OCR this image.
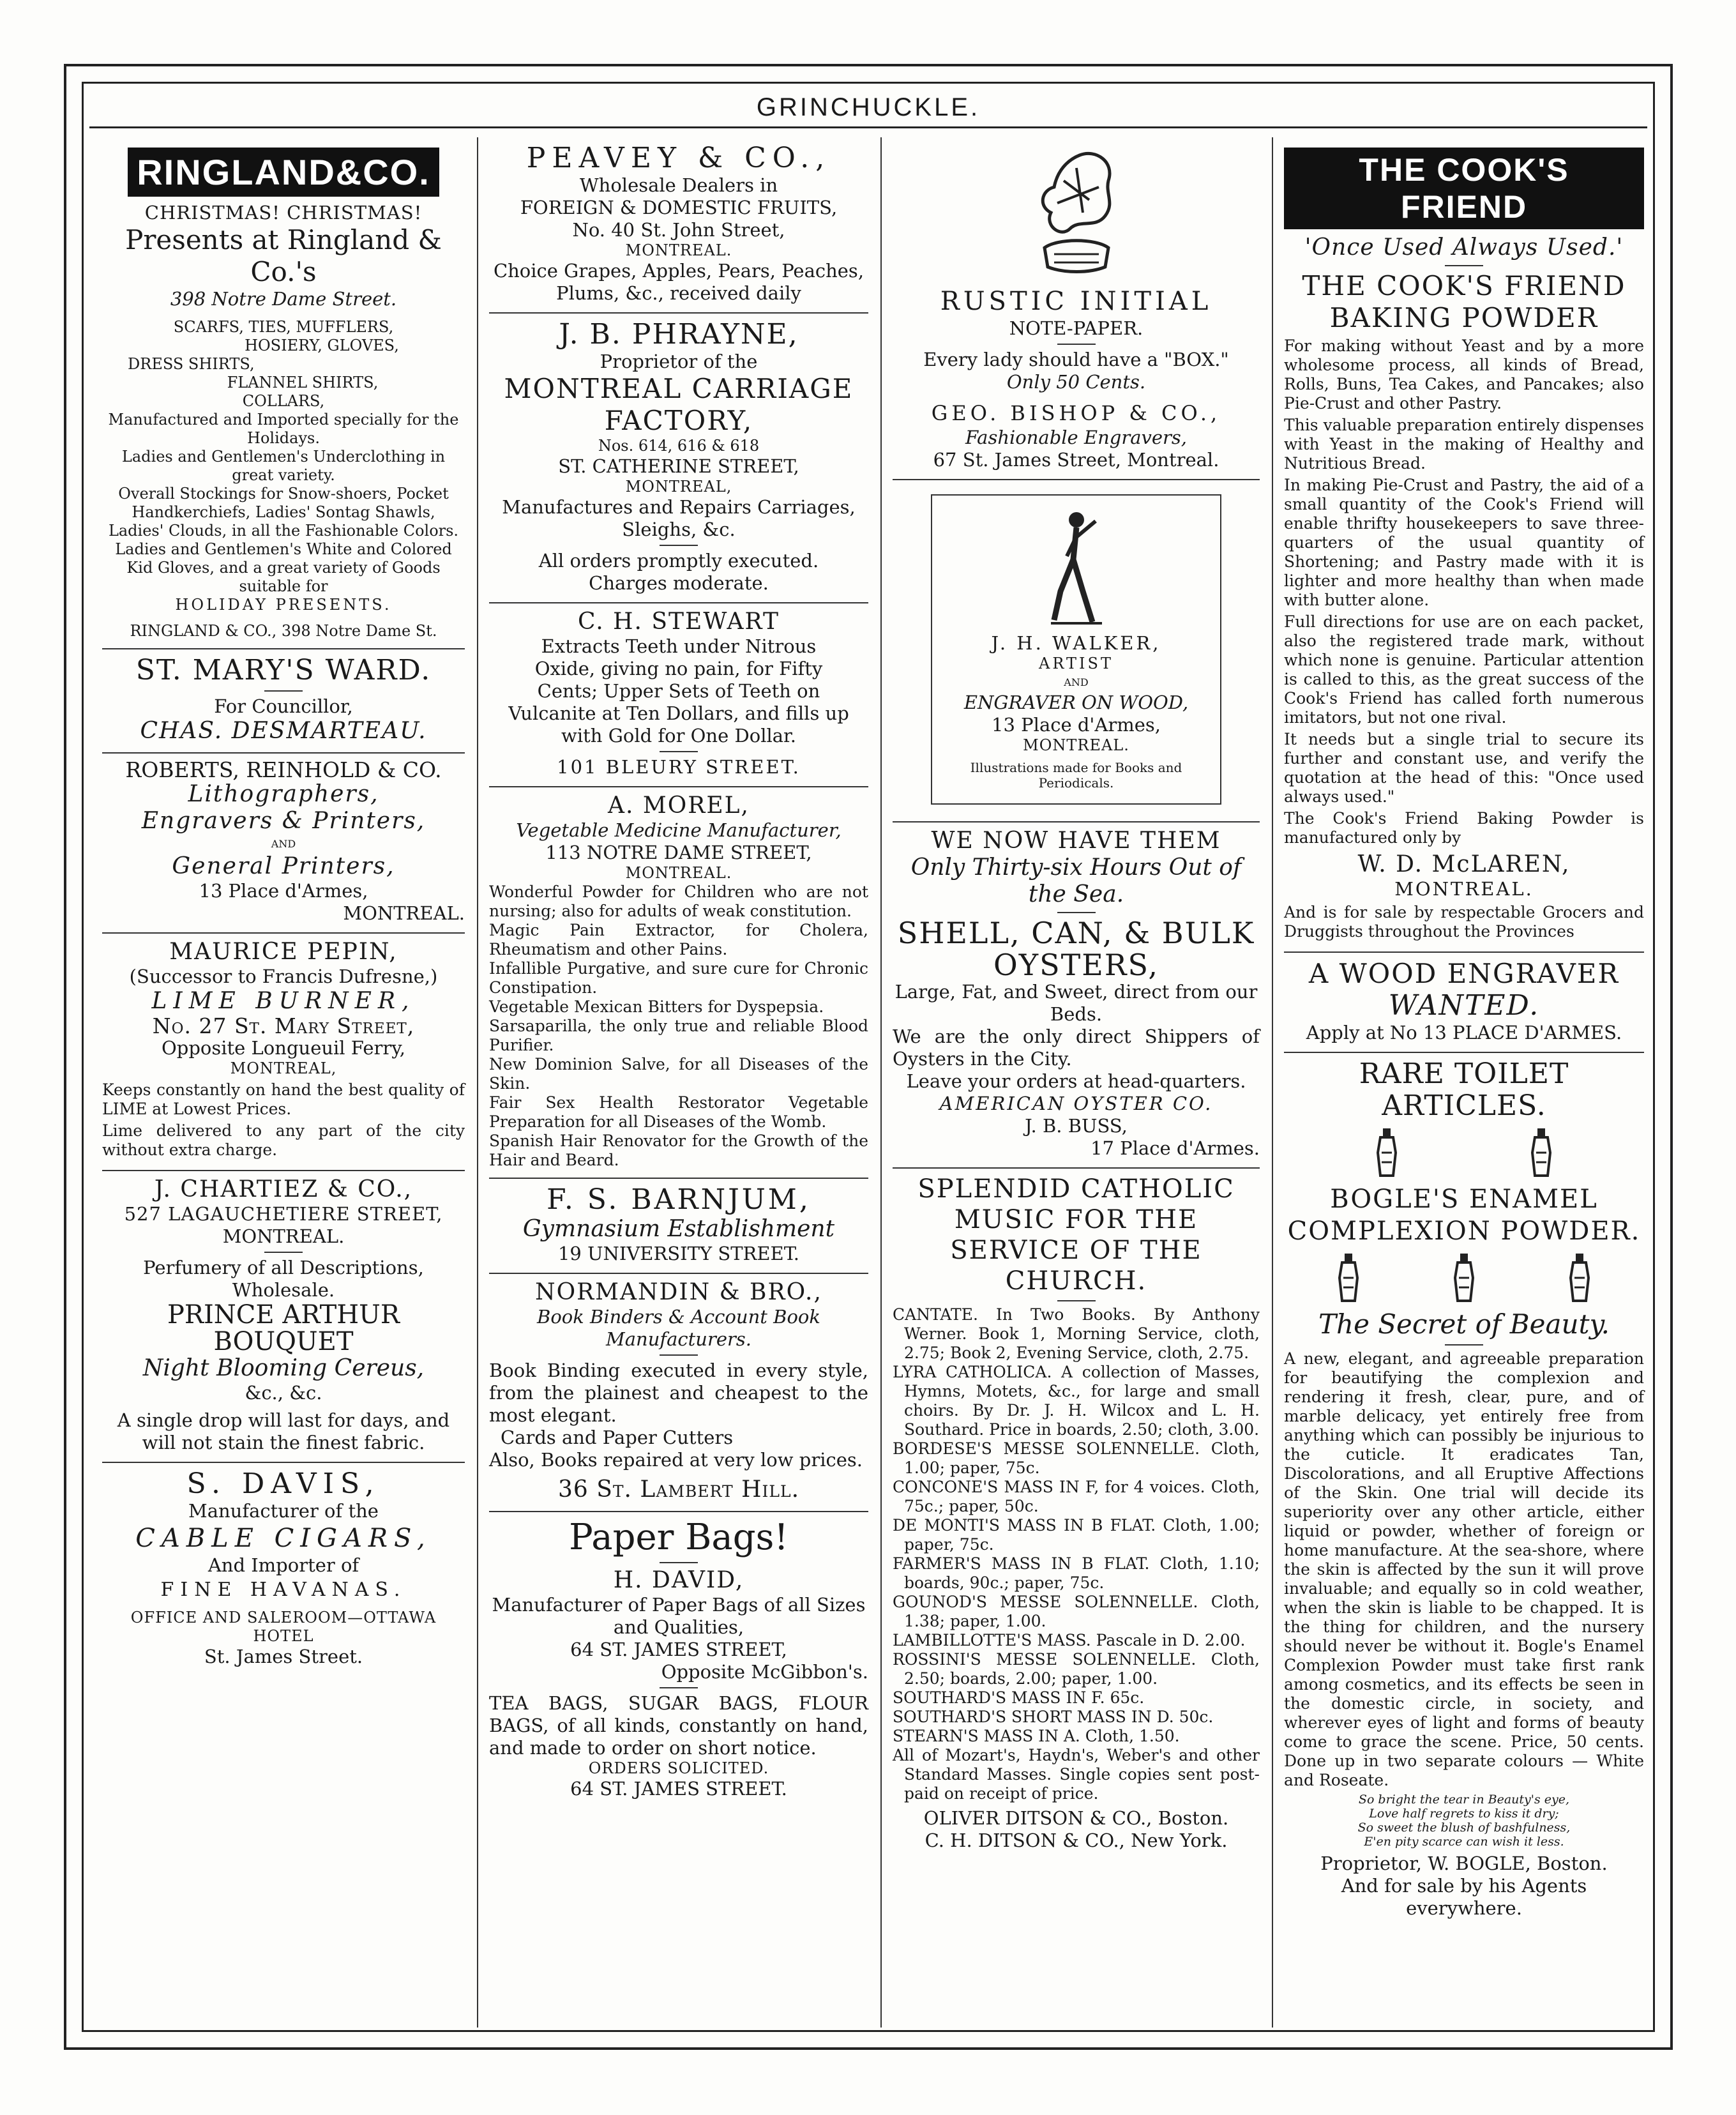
GRINCHUCKLE.
RINGLAND&CO.

CHRISTMAS! CHRISTMAS!

Presents at Ringland & Co.'s

398 Notre Dame Street.

SCARFS, TIES, MUFFLERS,

HOSIERY, GLOVES,

DRESS SHIRTS,

FLANNEL SHIRTS,

COLLARS,

Manufactured and Imported specially for the Holidays.

Ladies and Gentlemen's Underclothing in great variety.

Overall Stockings for Snow-shoers, Pocket Handkerchiefs, Ladies' Sontag Shawls, Ladies' Clouds, in all the Fashionable Colors.

Ladies and Gentlemen's White and Colored Kid Gloves, and a great variety of Goods suitable for

HOLIDAY PRESENTS.

RINGLAND & CO., 398 Notre Dame St.

ST. MARY'S WARD.

For Councillor,

CHAS. DESMARTEAU.

ROBERTS, REINHOLD & CO.

Lithographers,

Engravers & Printers,

AND

General Printers,

13 Place d'Armes,

MONTREAL.

MAURICE PEPIN,

(Successor to Francis Dufresne,)

LIME BURNER,

No. 27 St. Mary Street,

Opposite Longueuil Ferry,

MONTREAL,

Keeps constantly on hand the best quality of LIME at Lowest Prices.

Lime delivered to any part of the city without extra charge.

J. CHARTIEZ & CO.,

527 LAGAUCHETIERE STREET,

MONTREAL.

Perfumery of all Descriptions, Wholesale.

PRINCE ARTHUR BOUQUET

Night Blooming Cereus,

&c., &c.

A single drop will last for days, and will not stain the finest fabric.

S. DAVIS,

Manufacturer of the

CABLE CIGARS,

And Importer of

FINE HAVANAS.

OFFICE AND SALEROOM—OTTAWA HOTEL

St. James Street.

PEAVEY & CO.,

Wholesale Dealers in

FOREIGN & DOMESTIC FRUITS,

No. 40 St. John Street,

MONTREAL.

Choice Grapes, Apples, Pears, Peaches, Plums, &c., received daily

J. B. PHRAYNE,

Proprietor of the

MONTREAL CARRIAGE FACTORY,

Nos. 614, 616 & 618

ST. CATHERINE STREET,

MONTREAL,

Manufactures and Repairs Carriages, Sleighs, &c.

All orders promptly executed.

Charges moderate.

C. H. STEWART

Extracts Teeth under Nitrous Oxide, giving no pain, for Fifty Cents; Upper Sets of Teeth on Vulcanite at Ten Dollars, and fills up with Gold for One Dollar.

101 BLEURY STREET.

A. MOREL,

Vegetable Medicine Manufacturer,

113 NOTRE DAME STREET,

MONTREAL.

Wonderful Powder for Children who are not nursing; also for adults of weak constitution.

Magic Pain Extractor, for Cholera, Rheumatism and other Pains.

Infallible Purgative, and sure cure for Chronic Constipation.

Vegetable Mexican Bitters for Dyspepsia.

Sarsaparilla, the only true and reliable Blood Purifier.

New Dominion Salve, for all Diseases of the Skin.

Fair Sex Health Restorator Vegetable Preparation for all Diseases of the Womb.

Spanish Hair Renovator for the Growth of the Hair and Beard.

F. S. BARNJUM,

Gymnasium Establishment

19 UNIVERSITY STREET.

NORMANDIN & BRO.,

Book Binders & Account Book Manufacturers.

Book Binding executed in every style, from the plainest and cheapest to the most elegant.

Cards and Paper Cutters

Also, Books repaired at very low prices.

36 St. Lambert Hill.

Paper Bags!

H. DAVID,

Manufacturer of Paper Bags of all Sizes and Qualities,

64 ST. JAMES STREET,

Opposite McGibbon's.

TEA BAGS, SUGAR BAGS, FLOUR BAGS, of all kinds, constantly on hand, and made to order on short notice.

ORDERS SOLICITED.

64 ST. JAMES STREET.

RUSTIC INITIAL

NOTE-PAPER.

Every lady should have a "BOX."

Only 50 Cents.

GEO. BISHOP & CO.,

Fashionable Engravers,

67 St. James Street, Montreal.

J. H. WALKER,

ARTIST

AND

ENGRAVER ON WOOD,

13 Place d'Armes,

MONTREAL.

Illustrations made for Books and Periodicals.

WE NOW HAVE THEM

Only Thirty-six Hours Out of the Sea.

SHELL, CAN, & BULK OYSTERS,

Large, Fat, and Sweet, direct from our Beds.

We are the only direct Shippers of Oysters in the City.

Leave your orders at head-quarters.

AMERICAN OYSTER CO.

J. B. BUSS,

17 Place d'Armes.

SPLENDID CATHOLIC MUSIC FOR THE SERVICE OF THE CHURCH.

CANTATE. In Two Books. By Anthony Werner. Book 1, Morning Service, cloth, 2.75; Book 2, Evening Service, cloth, 2.75.

LYRA CATHOLICA. A collection of Masses, Hymns, Motets, &c., for large and small choirs. By Dr. J. H. Wilcox and L. H. Southard. Price in boards, 2.50; cloth, 3.00.

BORDESE'S MESSE SOLENNELLE. Cloth, 1.00; paper, 75c.

CONCONE'S MASS IN F, for 4 voices. Cloth, 75c.; paper, 50c.

DE MONTI'S MASS IN B FLAT. Cloth, 1.00; paper, 75c.

FARMER'S MASS IN B FLAT. Cloth, 1.10; boards, 90c.; paper, 75c.

GOUNOD'S MESSE SOLENNELLE. Cloth, 1.38; paper, 1.00.

LAMBILLOTTE'S MASS. Pascale in D. 2.00.

ROSSINI'S MESSE SOLENNELLE. Cloth, 2.50; boards, 2.00; paper, 1.00.

SOUTHARD'S MASS IN F. 65c.

SOUTHARD'S SHORT MASS IN D. 50c.

STEARN'S MASS IN A. Cloth, 1.50.

All of Mozart's, Haydn's, Weber's and other Standard Masses. Single copies sent post-paid on receipt of price.

OLIVER DITSON & CO., Boston.

C. H. DITSON & CO., New York.

THE COOK'S FRIEND

'Once Used Always Used.'

THE COOK'S FRIEND BAKING POWDER

For making without Yeast and by a more wholesome process, all kinds of Bread, Rolls, Buns, Tea Cakes, and Pancakes; also Pie-Crust and other Pastry.

This valuable preparation entirely dispenses with Yeast in the making of Healthy and Nutritious Bread.

In making Pie-Crust and Pastry, the aid of a small quantity of the Cook's Friend will enable thrifty housekeepers to save three-quarters of the usual quantity of Shortening; and Pastry made with it is lighter and more healthy than when made with butter alone.

Full directions for use are on each packet, also the registered trade mark, without which none is genuine. Particular attention is called to this, as the great success of the Cook's Friend has called forth numerous imitators, but not one rival.

It needs but a single trial to secure its further and constant use, and verify the quotation at the head of this: "Once used always used."

The Cook's Friend Baking Powder is manufactured only by

W. D. McLAREN,

MONTREAL.

And is for sale by respectable Grocers and Druggists throughout the Provinces

A WOOD ENGRAVER

WANTED.

Apply at No 13 PLACE D'ARMES.

RARE TOILET ARTICLES.

BOGLE'S ENAMEL COMPLEXION POWDER.

The Secret of Beauty.

A new, elegant, and agreeable preparation for beautifying the complexion and rendering it fresh, clear, pure, and of marble delicacy, yet entirely free from anything which can possibly be injurious to the cuticle. It eradicates Tan, Discolorations, and all Eruptive Affections of the Skin. One trial will decide its superiority over any other article, either liquid or powder, whether of foreign or home manufacture. At the sea-shore, where the skin is affected by the sun it will prove invaluable; and equally so in cold weather, when the skin is liable to be chapped. It is the thing for children, and the nursery should never be without it. Bogle's Enamel Complexion Powder must take first rank among cosmetics, and its effects be seen in the domestic circle, in society, and wherever eyes of light and forms of beauty come to grace the scene. Price, 50 cents. Done up in two separate colours — White and Roseate.

So bright the tear in Beauty's eye,

Love half regrets to kiss it dry;

So sweet the blush of bashfulness,

E'en pity scarce can wish it less.

Proprietor, W. BOGLE, Boston.

And for sale by his Agents everywhere.
